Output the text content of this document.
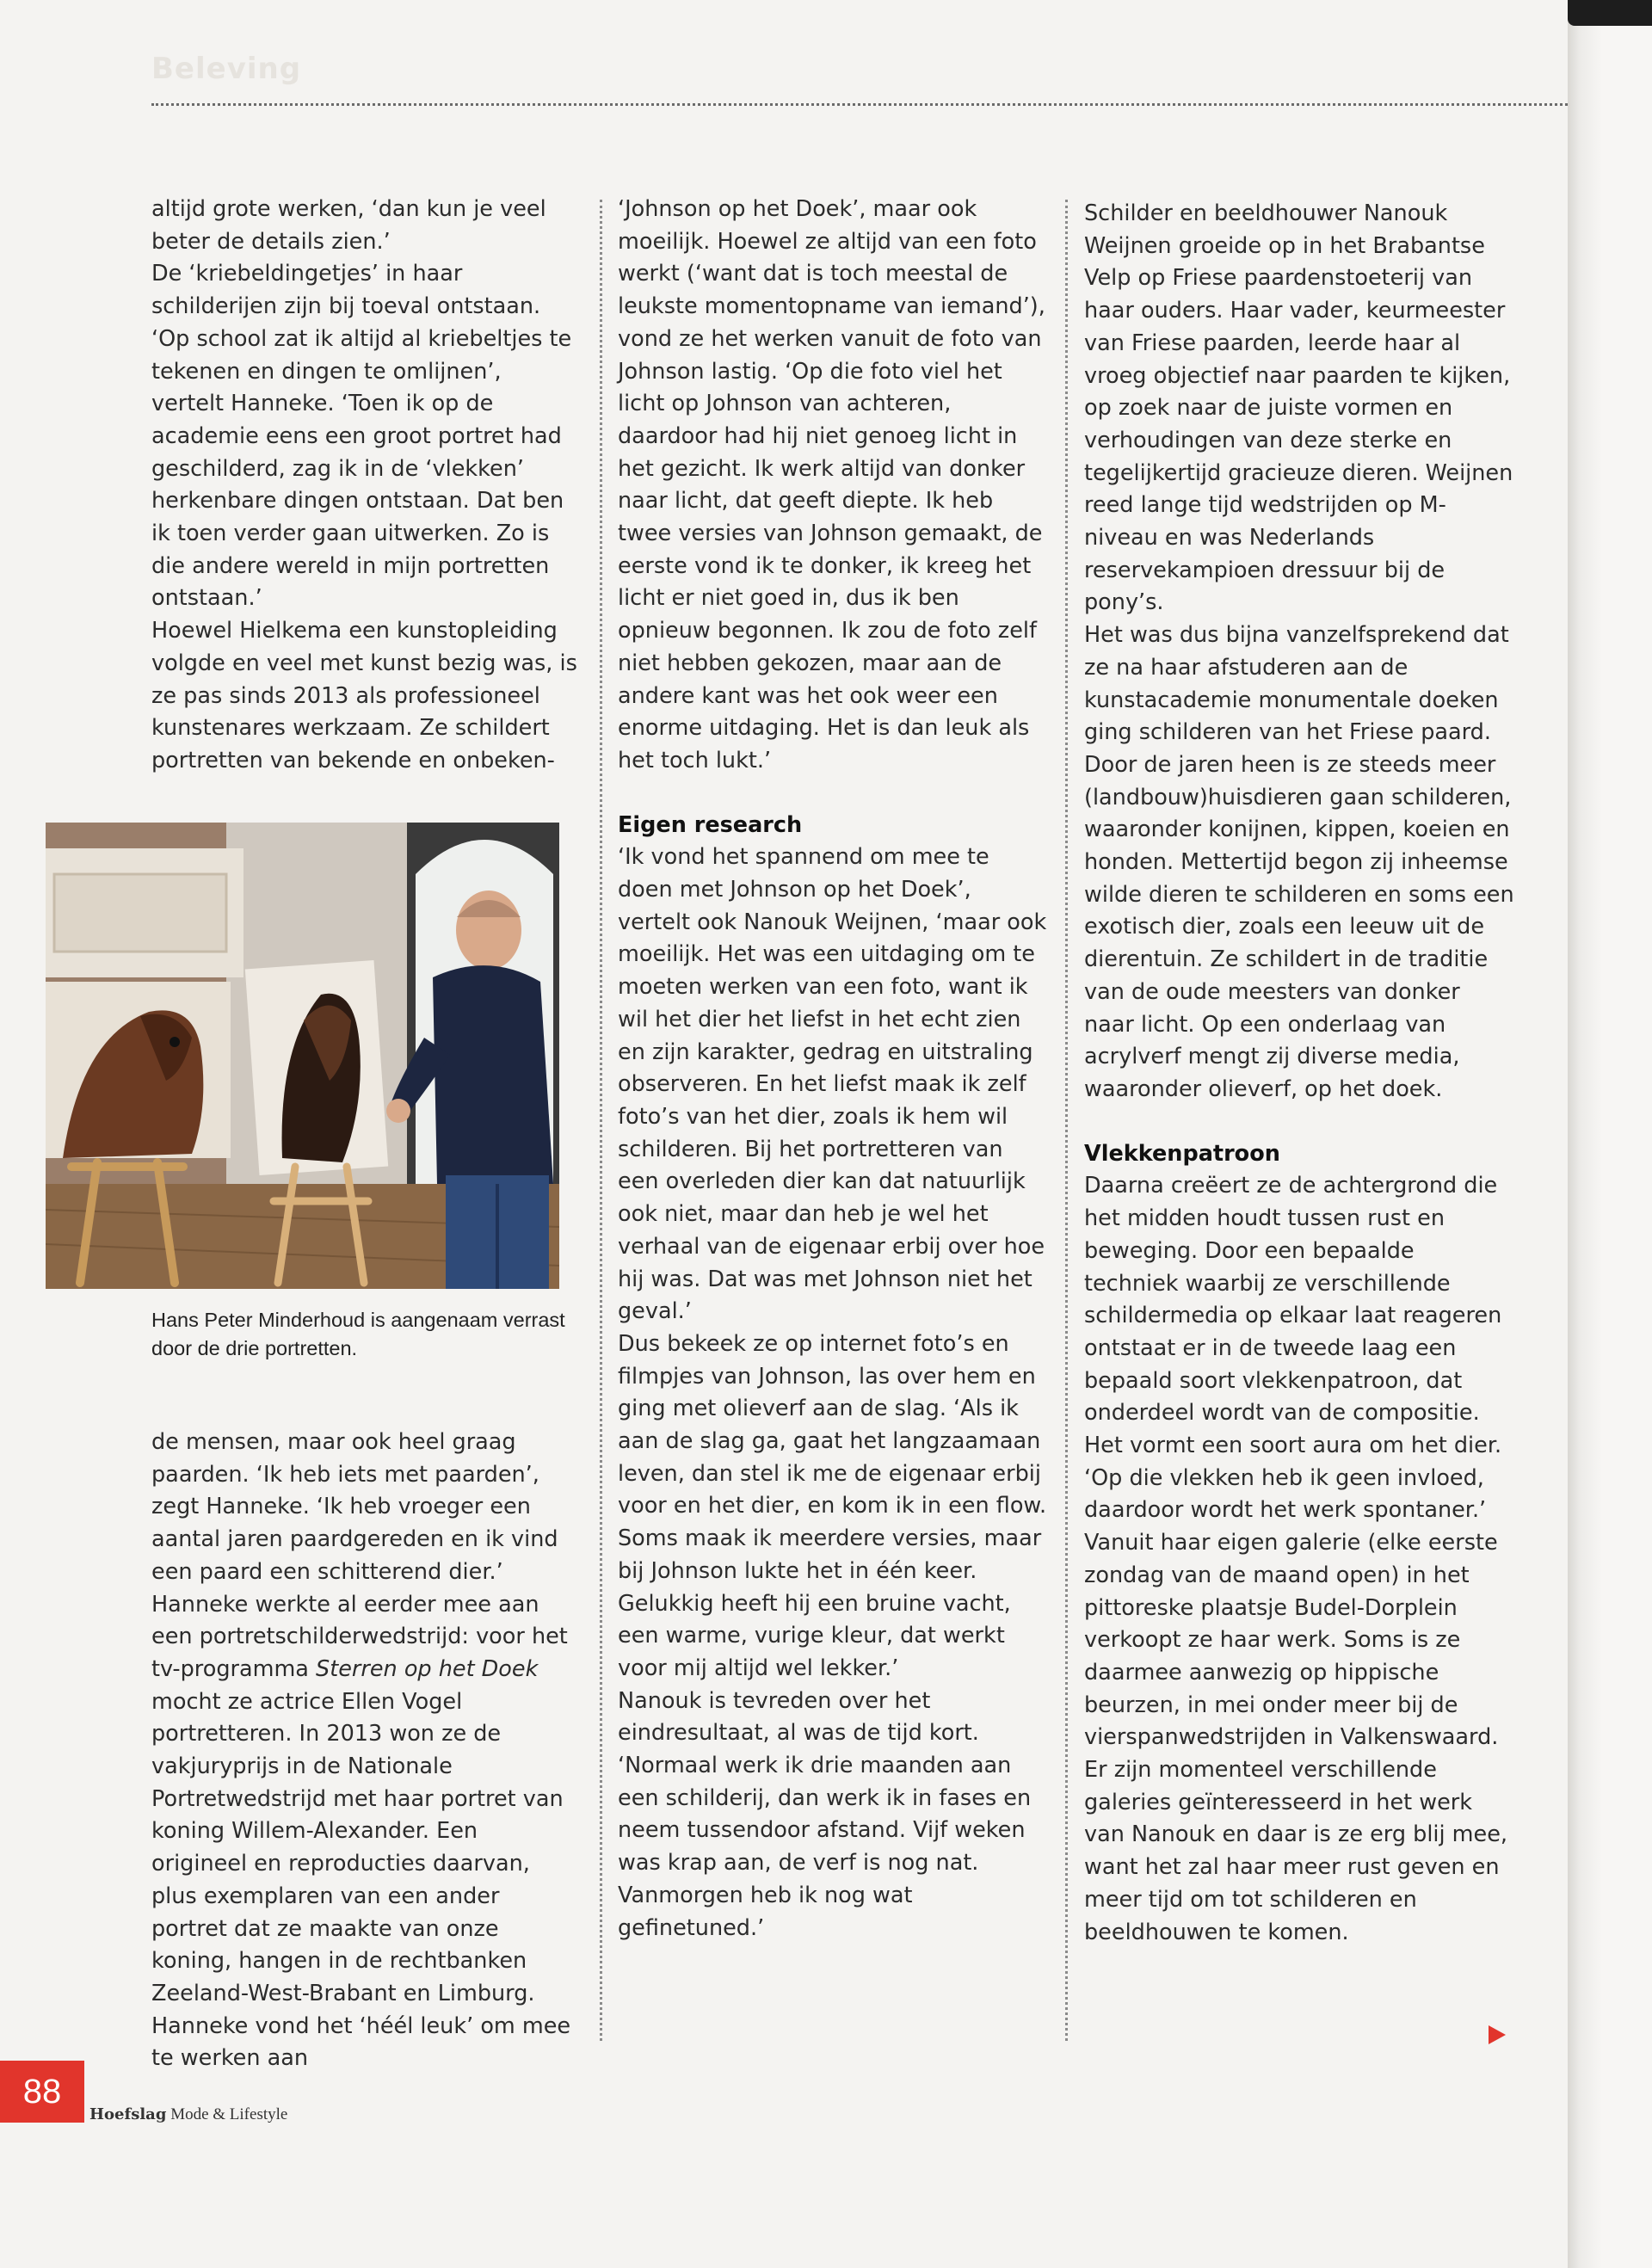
Beleving

altijd grote werken, ‘dan kun je veel beter de details zien.’

De ‘kriebeldingetjes’ in haar schilderijen zijn bij toeval ontstaan.

‘Op school zat ik altijd al kriebeltjes te tekenen en dingen te omlijnen’, vertelt Hanneke. ‘Toen ik op de academie eens een groot portret had geschilderd, zag ik in de ‘vlekken’ herkenbare dingen ontstaan. Dat ben ik toen verder gaan uitwerken. Zo is die andere wereld in mijn portretten ontstaan.’

Hoewel Hielkema een kunstopleiding volgde en veel met kunst bezig was, is ze pas sinds 2013 als professioneel kunstenares werkzaam. Ze schildert portretten van bekende en onbeken-

Hans Peter Minderhoud is aangenaam verrast door de drie portretten.

de mensen, maar ook heel graag paarden. ‘Ik heb iets met paarden’, zegt Hanneke. ‘Ik heb vroeger een aantal jaren paardgereden en ik vind een paard een schitterend dier.’

Hanneke werkte al eerder mee aan een portretschilderwedstrijd: voor het tv-programma Sterren op het Doek mocht ze actrice Ellen Vogel portretteren. In 2013 won ze de vakjuryprijs in de Nationale Portretwedstrijd met haar portret van koning Willem-Alexander. Een origineel en reproducties daarvan, plus exemplaren van een ander portret dat ze maakte van onze koning, hangen in de rechtbanken Zeeland-West-Brabant en Limburg. Hanneke vond het ‘héél leuk’ om mee te werken aan

‘Johnson op het Doek’, maar ook moeilijk. Hoewel ze altijd van een foto werkt (‘want dat is toch meestal de leukste momentopname van iemand’), vond ze het werken vanuit de foto van Johnson lastig. ‘Op die foto viel het licht op Johnson van achteren, daardoor had hij niet genoeg licht in het gezicht. Ik werk altijd van donker naar licht, dat geeft diepte. Ik heb twee versies van Johnson gemaakt, de eerste vond ik te donker, ik kreeg het licht er niet goed in, dus ik ben opnieuw begonnen. Ik zou de foto zelf niet hebben gekozen, maar aan de andere kant was het ook weer een enorme uitdaging. Het is dan leuk als het toch lukt.’

Eigen research

‘Ik vond het spannend om mee te doen met Johnson op het Doek’, vertelt ook Nanouk Weijnen, ‘maar ook moeilijk. Het was een uitdaging om te moeten werken van een foto, want ik wil het dier het liefst in het echt zien en zijn karakter, gedrag en uitstraling observeren. En het liefst maak ik zelf foto’s van het dier, zoals ik hem wil schilderen. Bij het portretteren van een overleden dier kan dat natuurlijk ook niet, maar dan heb je wel het verhaal van de eigenaar erbij over hoe hij was. Dat was met Johnson niet het geval.’

Dus bekeek ze op internet foto’s en filmpjes van Johnson, las over hem en ging met olieverf aan de slag. ‘Als ik aan de slag ga, gaat het langzaamaan leven, dan stel ik me de eigenaar erbij voor en het dier, en kom ik in een flow. Soms maak ik meerdere versies, maar bij Johnson lukte het in één keer. Gelukkig heeft hij een bruine vacht, een warme, vurige kleur, dat werkt voor mij altijd wel lekker.’

Nanouk is tevreden over het eindresultaat, al was de tijd kort.

‘Normaal werk ik drie maanden aan een schilderij, dan werk ik in fases en neem tussendoor afstand. Vijf weken was krap aan, de verf is nog nat. Vanmorgen heb ik nog wat gefinetuned.’

Schilder en beeldhouwer Nanouk Weijnen groeide op in het Brabantse Velp op Friese paardenstoeterij van haar ouders. Haar vader, keurmeester van Friese paarden, leerde haar al vroeg objectief naar paarden te kijken, op zoek naar de juiste vormen en verhoudingen van deze sterke en tegelijkertijd gracieuze dieren. Weijnen reed lange tijd wedstrijden op M-niveau en was Nederlands reservekampioen dressuur bij de pony’s.

Het was dus bijna vanzelfsprekend dat ze na haar afstuderen aan de kunstacademie monumentale doeken ging schilderen van het Friese paard. Door de jaren heen is ze steeds meer (landbouw)huisdieren gaan schilderen, waaronder konijnen, kippen, koeien en honden. Mettertijd begon zij inheemse wilde dieren te schilderen en soms een exotisch dier, zoals een leeuw uit de dierentuin. Ze schildert in de traditie van de oude meesters van donker naar licht. Op een onderlaag van acrylverf mengt zij diverse media, waaronder olieverf, op het doek.

Vlekkenpatroon

Daarna creëert ze de achtergrond die het midden houdt tussen rust en beweging. Door een bepaalde techniek waarbij ze verschillende schildermedia op elkaar laat reageren ontstaat er in de tweede laag een bepaald soort vlekkenpatroon, dat onderdeel wordt van de compositie. Het vormt een soort aura om het dier. ‘Op die vlekken heb ik geen invloed, daardoor wordt het werk spontaner.’

Vanuit haar eigen galerie (elke eerste zondag van de maand open) in het pittoreske plaatsje Budel-Dorplein verkoopt ze haar werk. Soms is ze daarmee aanwezig op hippische beurzen, in mei onder meer bij de vierspanwedstrijden in Valkenswaard. Er zijn momenteel verschillende galeries geïnteresseerd in het werk van Nanouk en daar is ze erg blij mee, want het zal haar meer rust geven en meer tijd om tot schilderen en beeldhouwen te komen.

88
Hoefslag Mode & Lifestyle
